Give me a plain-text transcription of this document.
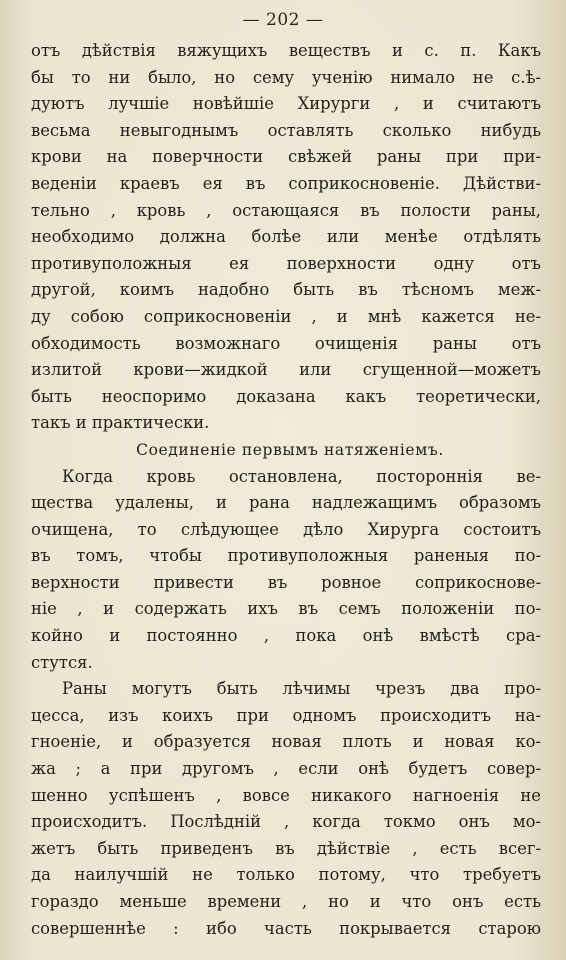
— 202 —
отъ дѣйствія вяжущихъ веществъ и с. п. Какъ
бы то ни было, но сему ученію нимало не с.ѣ-
дуютъ лучшіе новѣйшіе Хирурги , и считаютъ
весьма невыгоднымъ оставлять сколько нибудь
крови на поверчности свѣжей раны при при-
веденіи краевъ ея въ соприкосновеніе. Дѣйстви-
тельно , кровь , остающаяся въ полости раны,
необходимо должна болѣе или менѣе отдѣлять
противуположныя ея поверхности одну отъ
другой, коимъ надобно быть въ тѣсномъ меж-
ду собою соприкосновеніи , и мнѣ кажется не-
обходимость возможнаго очищенія раны отъ
излитой крови—жидкой или сгущенной—можетъ
быть неоспоримо доказана какъ теоретически,
такъ и практически.
Соединеніе первымъ натяженіемъ.
Когда кровь остановлена, постороннія ве-
щества удалены, и рана надлежащимъ образомъ
очищена, то слѣдующее дѣло Хирурга состоитъ
въ томъ, чтобы противуположныя раненыя по-
верхности привести въ ровное соприкоснове-
ніе , и содержать ихъ въ семъ положеніи по-
койно и постоянно , пока онѣ вмѣстѣ сра-
стутся.
Раны могутъ быть лѣчимы чрезъ два про-
цесса, изъ коихъ при одномъ происходитъ на-
гноеніе, и образуется новая плоть и новая ко-
жа ; а при другомъ , если онѣ будетъ совер-
шенно успѣшенъ , вовсе никакого нагноенія не
происходитъ. Послѣдній , когда токмо онъ мо-
жетъ быть приведенъ въ дѣйствіе , есть всег-
да наилучшій не только потому, что требуетъ
гораздо меньше времени , но и что онъ есть
совершеннѣе : ибо часть покрывается старою
